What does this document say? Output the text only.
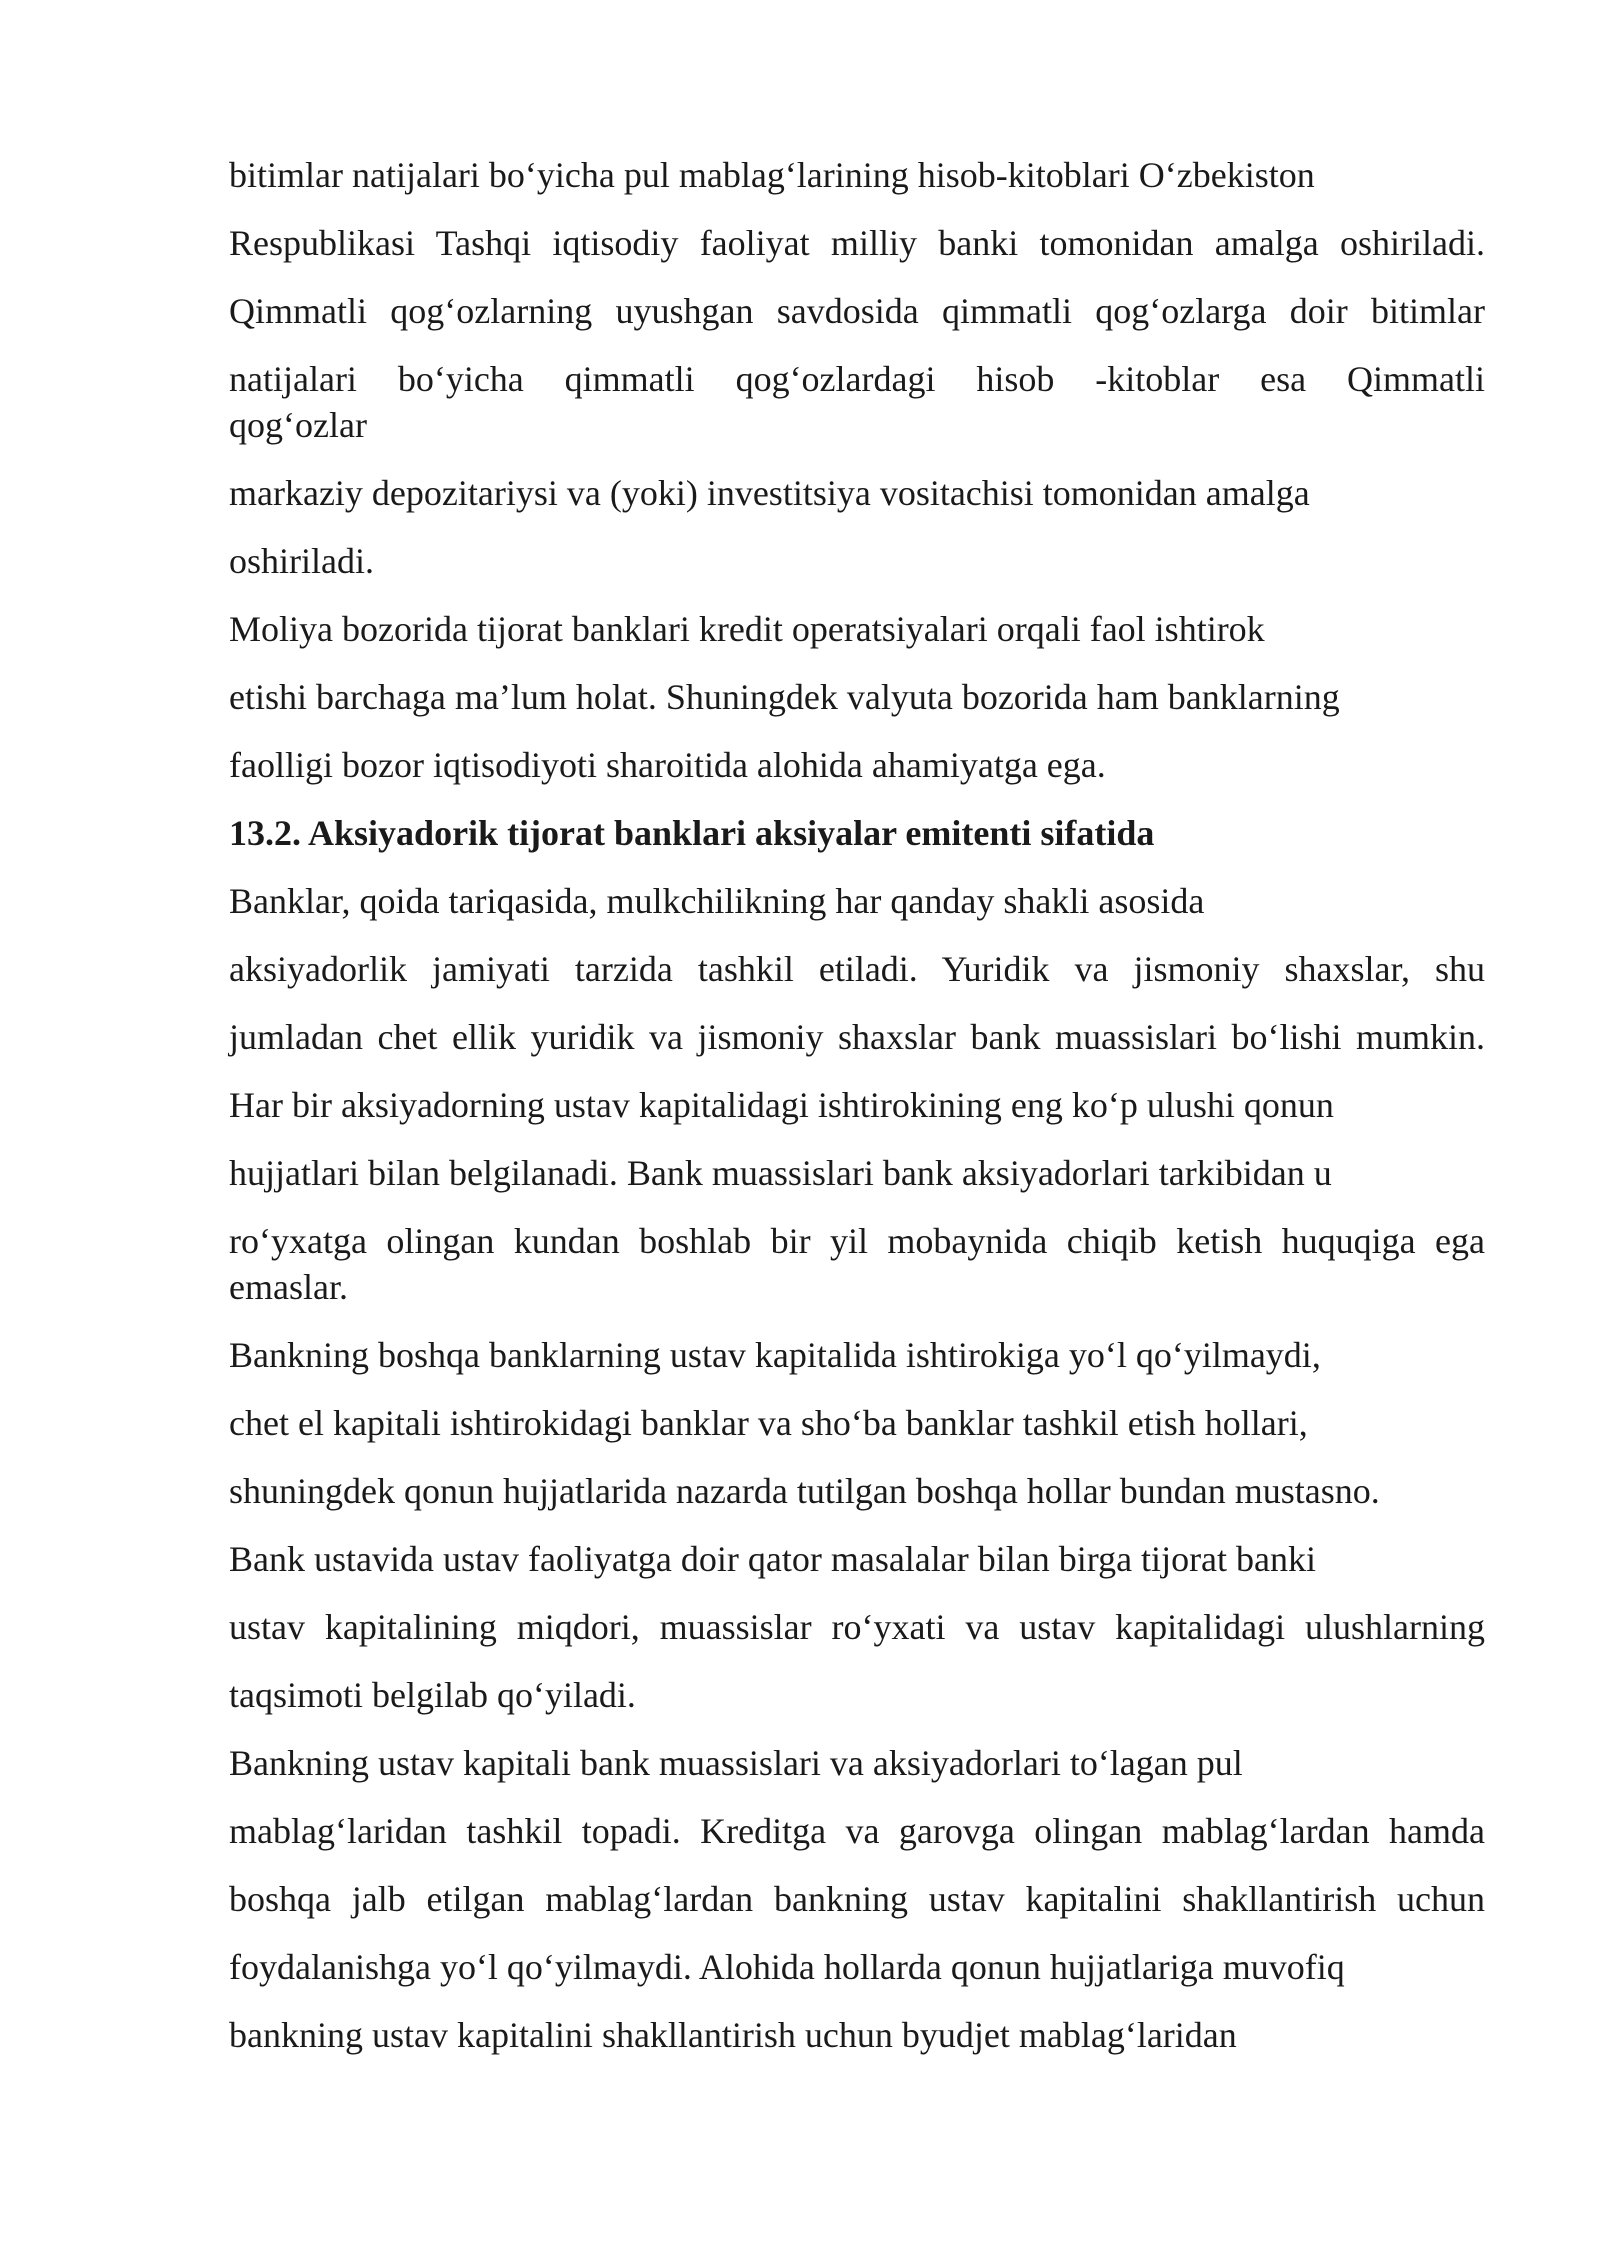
bitimlar natijalari bo‘yicha pul mablag‘larining hisob-kitoblari O‘zbekiston

Respublikasi Tashqi iqtisodiy faoliyat milliy banki tomonidan amalga oshiriladi.

Qimmatli qog‘ozlarning uyushgan savdosida qimmatli qog‘ozlarga doir bitimlar

natijalari bo‘yicha qimmatli qog‘ozlardagi hisob -kitoblar esa Qimmatli

qog‘ozlar

markaziy depozitariysi va (yoki) investitsiya vositachisi tomonidan amalga

oshiriladi.

Moliya bozorida tijorat banklari kredit operatsiyalari orqali faol ishtirok

etishi barchaga ma’lum holat. Shuningdek valyuta bozorida ham banklarning

faolligi bozor iqtisodiyoti sharoitida alohida ahamiyatga ega.

13.2. Aksiyadorik tijorat banklari aksiyalar emitenti sifatida

Banklar, qoida tariqasida, mulkchilikning har qanday shakli asosida

aksiyadorlik jamiyati tarzida tashkil etiladi. Yuridik va jismoniy shaxslar, shu

jumladan chet ellik yuridik va jismoniy shaxslar bank muassislari bo‘lishi mumkin.

Har bir aksiyadorning ustav kapitalidagi ishtirokining eng ko‘p ulushi qonun

hujjatlari bilan belgilanadi. Bank muassislari bank aksiyadorlari tarkibidan u

ro‘yxatga olingan kundan boshlab bir yil mobaynida chiqib ketish huquqiga ega

emaslar.

Bankning boshqa banklarning ustav kapitalida ishtirokiga yo‘l qo‘yilmaydi,

chet el kapitali ishtirokidagi banklar va sho‘ba banklar tashkil etish hollari,

shuningdek qonun hujjatlarida nazarda tutilgan boshqa hollar bundan mustasno.

Bank ustavida ustav faoliyatga doir qator masalalar bilan birga tijorat banki

ustav kapitalining miqdori, muassislar ro‘yxati va ustav kapitalidagi ulushlarning

taqsimoti belgilab qo‘yiladi.

Bankning ustav kapitali bank muassislari va aksiyadorlari to‘lagan pul

mablag‘laridan tashkil topadi. Kreditga va garovga olingan mablag‘lardan hamda

boshqa jalb etilgan mablag‘lardan bankning ustav kapitalini shakllantirish uchun

foydalanishga yo‘l qo‘yilmaydi. Alohida hollarda qonun hujjatlariga muvofiq

bankning ustav kapitalini shakllantirish uchun byudjet mablag‘laridan
